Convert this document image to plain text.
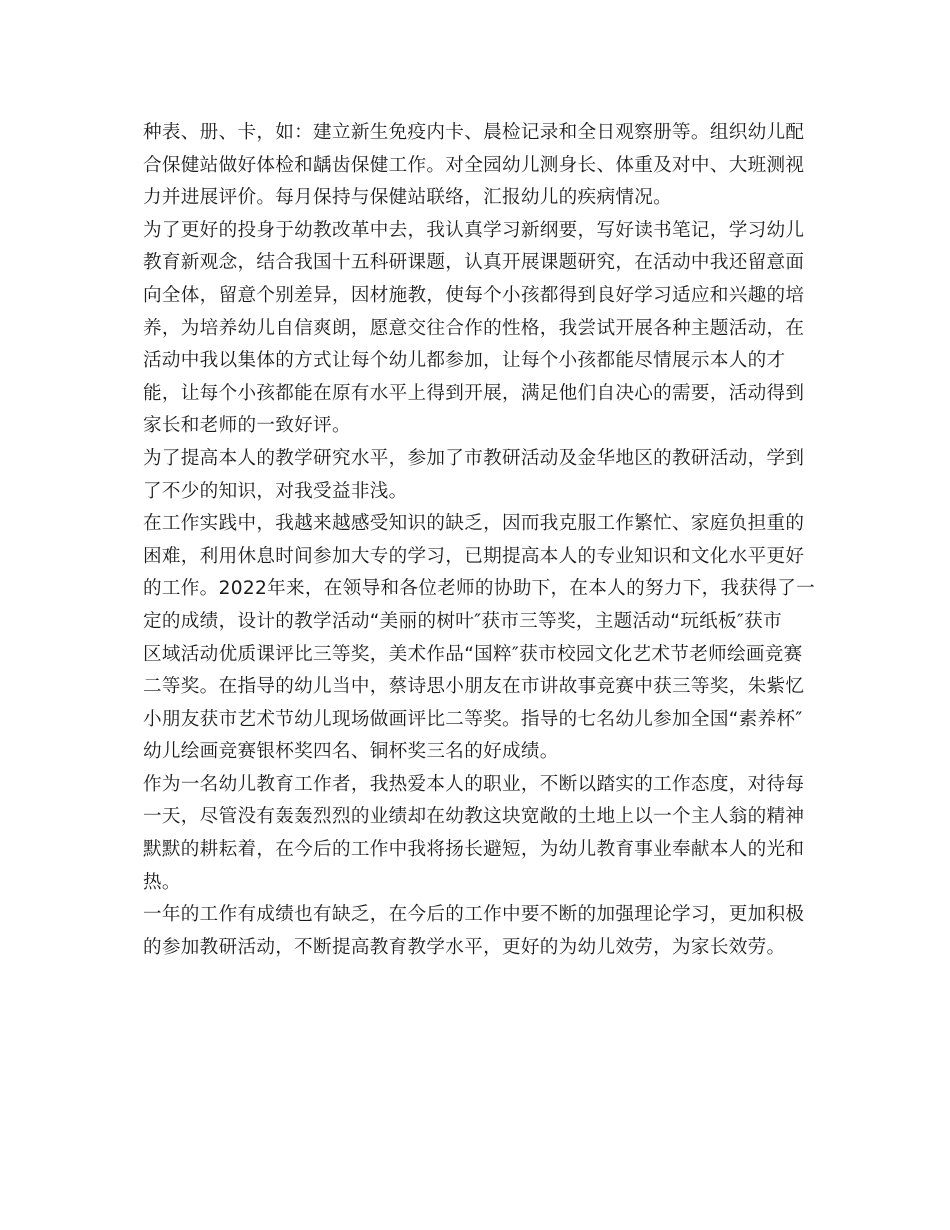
种表、册、卡，如：建立新生免疫内卡、晨检记录和全日观察册等。组织幼儿配
合保健站做好体检和龋齿保健工作。对全园幼儿测身长、体重及对中、大班测视
力并进展评价。每月保持与保健站联络，汇报幼儿的疾病情况。
为了更好的投身于幼教改革中去，我认真学习新纲要，写好读书笔记，学习幼儿
教育新观念，结合我国十五科研课题，认真开展课题研究，在活动中我还留意面
向全体，留意个别差异，因材施教，使每个小孩都得到良好学习适应和兴趣的培
养，为培养幼儿自信爽朗，愿意交往合作的性格，我尝试开展各种主题活动，在
活动中我以集体的方式让每个幼儿都参加，让每个小孩都能尽情展示本人的才
能，让每个小孩都能在原有水平上得到开展，满足他们自决心的需要，活动得到
家长和老师的一致好评。
为了提高本人的教学研究水平，参加了市教研活动及金华地区的教研活动，学到
了不少的知识，对我受益非浅。
在工作实践中，我越来越感受知识的缺乏，因而我克服工作繁忙、家庭负担重的
困难，利用休息时间参加大专的学习，已期提高本人的专业知识和文化水平更好
的工作。2022年来，在领导和各位老师的协助下，在本人的努力下，我获得了一
定的成绩，设计的教学活动“美丽的树叶″获市三等奖，主题活动“玩纸板″获市
区域活动优质课评比三等奖，美术作品“国粹″获市校园文化艺术节老师绘画竞赛
二等奖。在指导的幼儿当中，蔡诗思小朋友在市讲故事竞赛中获三等奖，朱紫忆
小朋友获市艺术节幼儿现场做画评比二等奖。指导的七名幼儿参加全国“素养杯″
幼儿绘画竞赛银杯奖四名、铜杯奖三名的好成绩。
作为一名幼儿教育工作者，我热爱本人的职业，不断以踏实的工作态度，对待每
一天，尽管没有轰轰烈烈的业绩却在幼教这块宽敞的土地上以一个主人翁的精神
默默的耕耘着，在今后的工作中我将扬长避短，为幼儿教育事业奉献本人的光和
热。
一年的工作有成绩也有缺乏，在今后的工作中要不断的加强理论学习，更加积极
的参加教研活动，不断提高教育教学水平，更好的为幼儿效劳，为家长效劳。
